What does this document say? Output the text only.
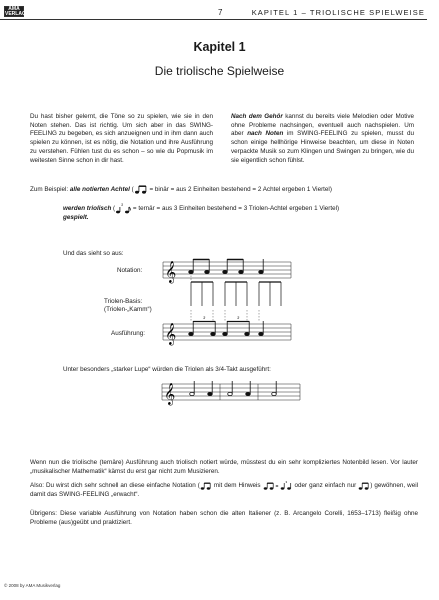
AMA
VERLAG	7	KAPITEL 1 – TRIOLISCHE SPIELWEISE
Kapitel 1
Die triolische Spielweise
Du hast bisher gelernt, die Töne so zu spielen, wie sie in den Noten stehen. Das ist richtig. Um sich aber in das SWING-FEELING zu begeben, es sich anzueignen und in ihm dann auch spielen zu können, ist es nötig, die Notation und ihre Ausführung zu verstehen. Fühlen tust du es schon – so wie du Popmusik im weitesten Sinne schon in dir hast.
Nach dem Gehör kannst du bereits viele Melodien oder Motive ohne Probleme nachsingen, eventuell auch nachspielen. Um aber nach Noten im SWING-FEELING zu spielen, musst du schon einige hellhörige Hinweise beachten, um diese in Noten verpackte Musik so zum Klingen und Swingen zu bringen, wie du sie eigentlich schon fühlst.
Zum Beispiel: alle notierten Achtel ( = binär = aus 2 Einheiten bestehend = 2 Achtel ergeben 1 Viertel)
werden triolisch (
3
= ternär = aus 3 Einheiten bestehend = 3 Triolen-Achtel ergeben 1 Viertel)
gespielt.
Und das sieht so aus:
Notation:
Triolen-Basis:
(Triolen-„Kamm“)
Ausführung:
𝄞
𝄞
3	3
Unter besonders „starker Lupe“ würden die Triolen als 3/4-Takt ausgeführt:
𝄞
Wenn nun die triolische (ternäre) Ausführung auch triolisch notiert würde, müsstest du ein sehr kompliziertes Notenbild lesen. Vor lauter „musikalischer Mathematik“ kämst du erst gar nicht zum Musizieren.
Also: Du wirst dich sehr schnell an diese einfache Notation ( mit dem Hinweis	=
3
oder ganz einfach nur ) gewöhnen, weil damit das SWING-FEELING „erwacht“.
Übrigens: Diese variable Ausführung von Notation haben schon die alten Italiener (z. B. Arcangelo Corelli, 1653–1713) fleißig ohne Probleme (aus)geübt und praktiziert.
© 2008 by AMA Musikverlag
